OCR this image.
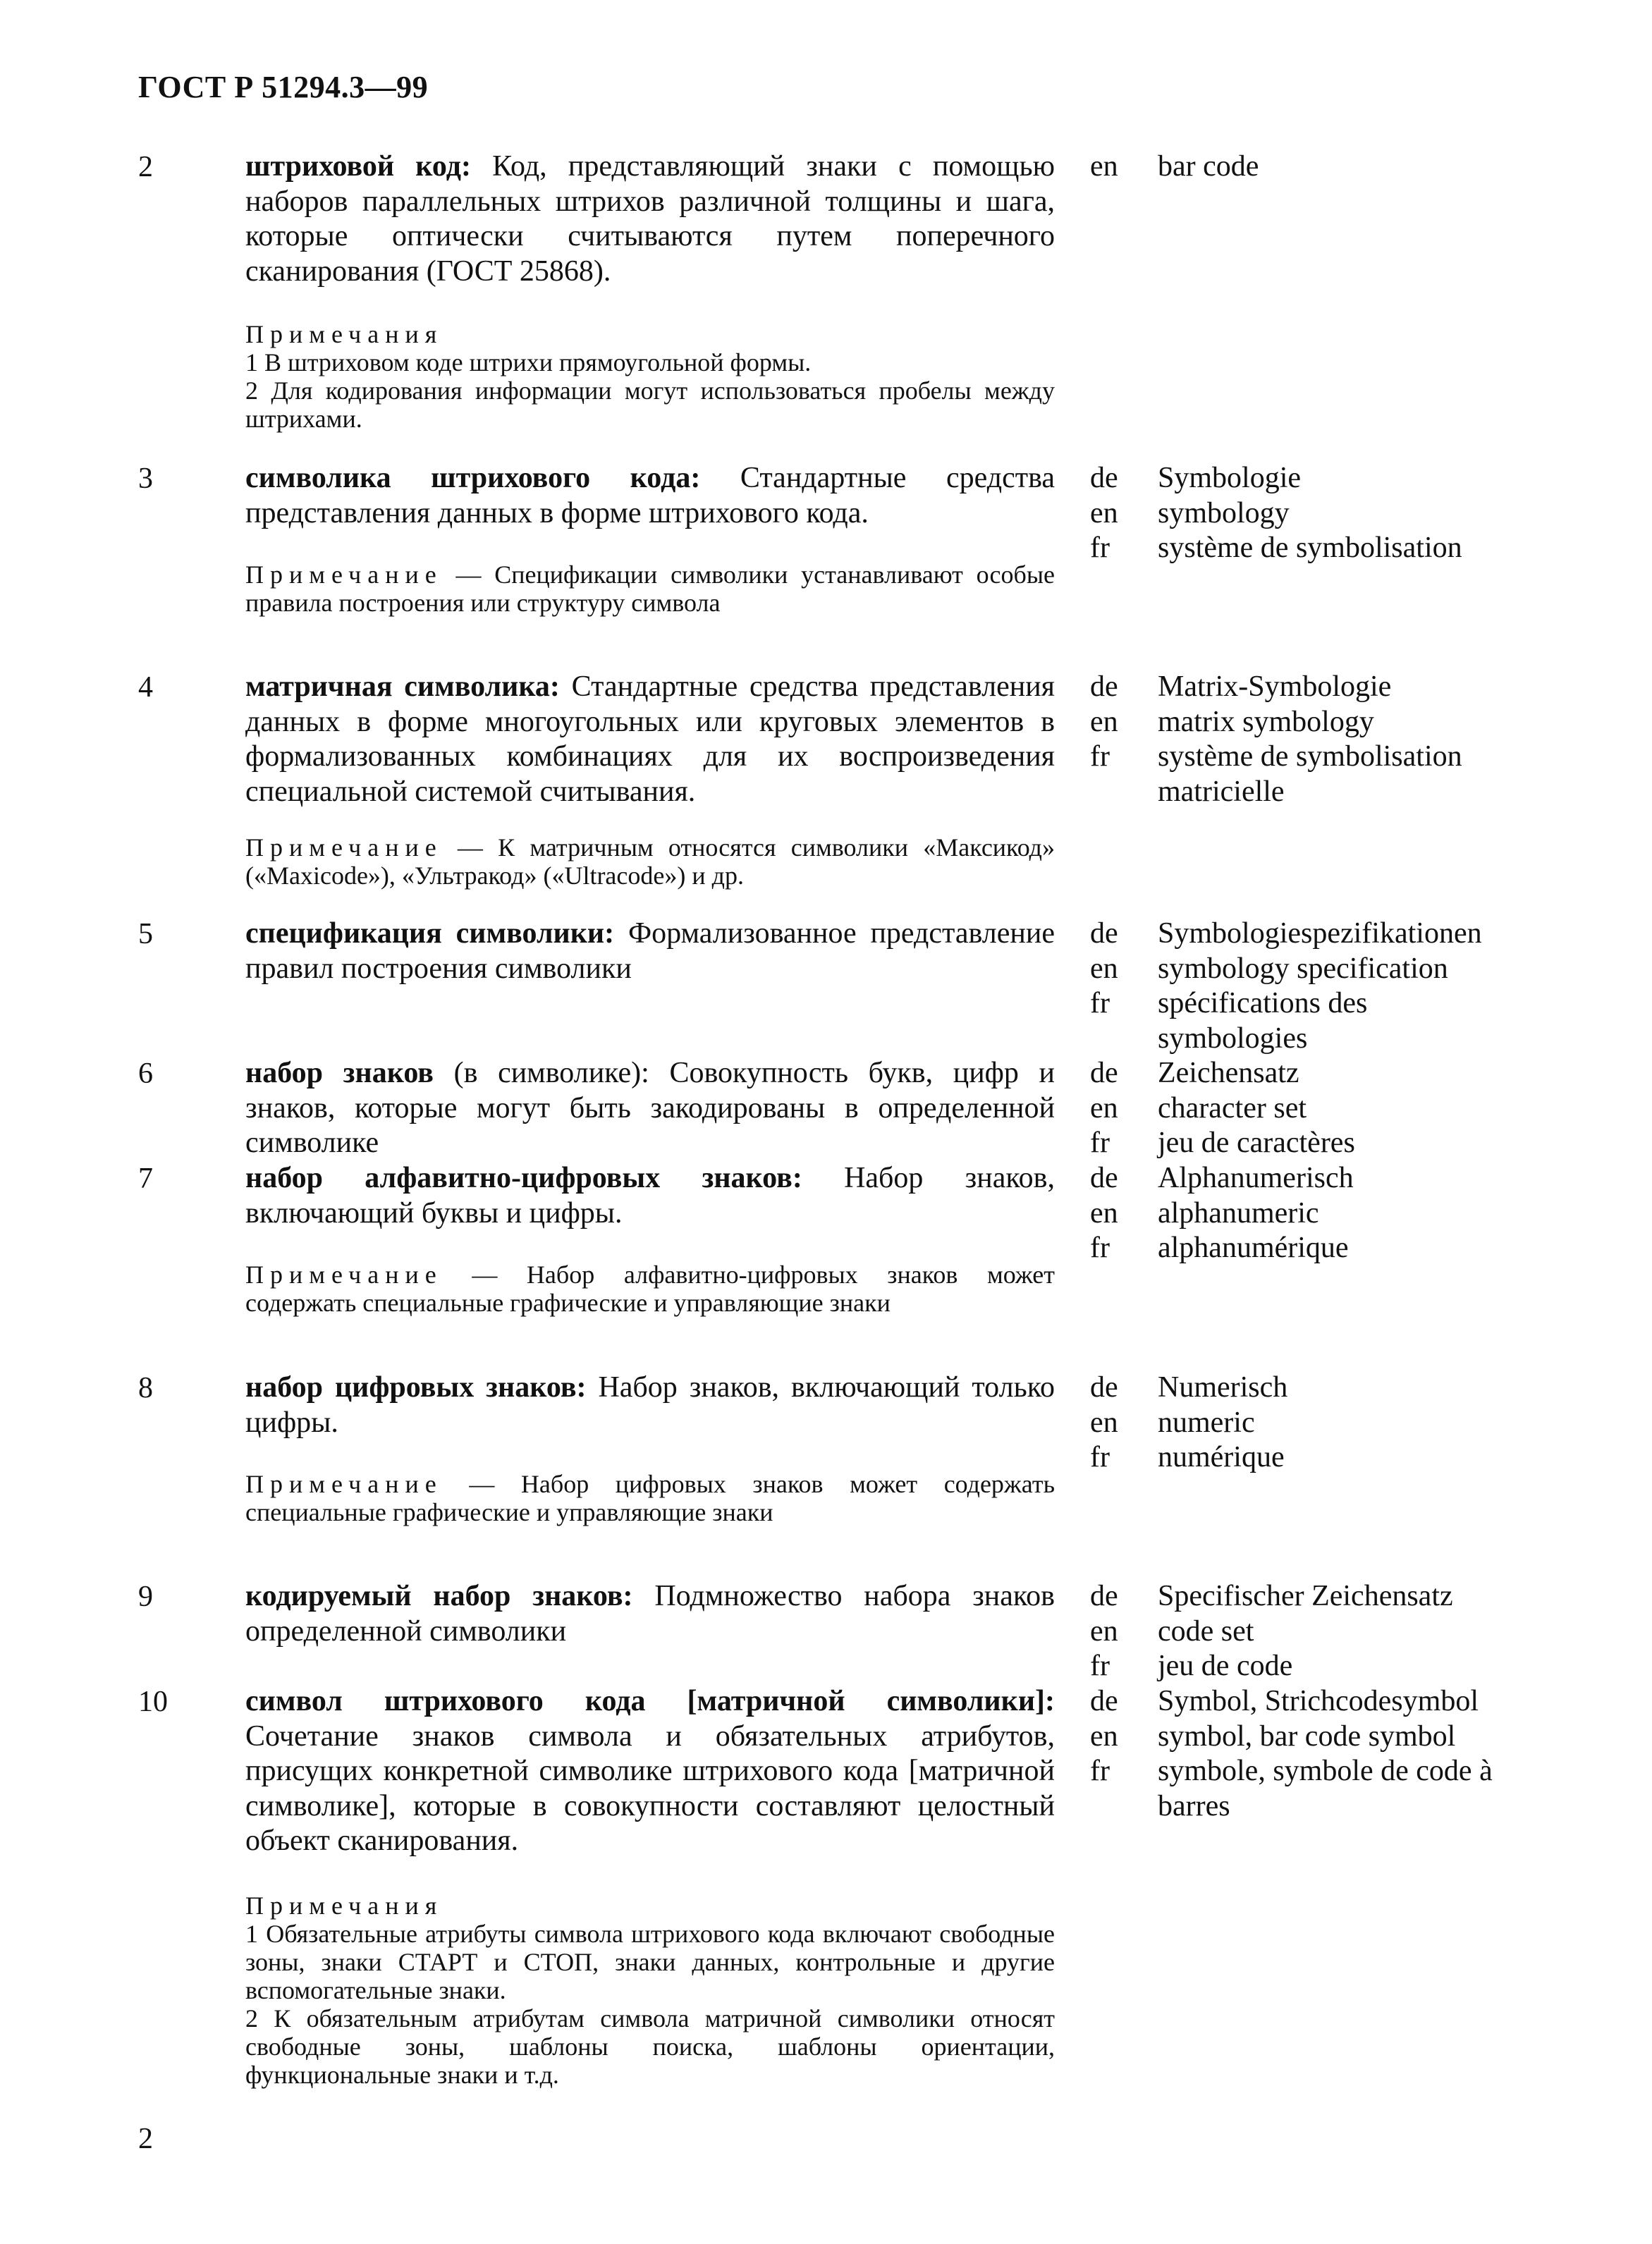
ГОСТ Р 51294.3—99
2	штриховой код: Код, представляющий знаки с помощью наборов параллельных штрихов различной толщины и шага, которые оптически считываются путем поперечного сканирования (ГОСТ 25868).
Примечания
1 В штриховом коде штрихи прямоугольной формы.
2 Для кодирования информации могут использоваться пробелы между штрихами.
en	bar code
3	символика штрихового кода: Стандартные средства представления данных в форме штрихового кода.
Примечание — Спецификации символики устанавливают особые правила построения или структуру символа
de	Symbologie
en	symbology
fr	système de symbolisation
4	матричная символика: Стандартные средства представления данных в форме многоугольных или круговых элементов в формализованных комбинациях для их воспроизведения специальной системой считывания.
Примечание — К матричным относятся символики «Максикод» («Maxicode»), «Ультракод» («Ultracode») и др.
de	Matrix-Symbologie
en	matrix symbology
fr	système de symbolisation matricielle
5	спецификация символики: Формализованное представление правил построения символики
de	Symbologiespezifikationen
en	symbology specification
fr	spécifications des symbologies
6	набор знаков (в символике): Совокупность букв, цифр и знаков, которые могут быть закодированы в определенной символике
de	Zeichensatz
en	character set
fr	jeu de caractères
7	набор алфавитно-цифровых знаков: Набор знаков, включающий буквы и цифры.
Примечание — Набор алфавитно-цифровых знаков может содержать специальные графические и управляющие знаки
de	Alphanumerisch
en	alphanumeric
fr	alphanumérique
8	набор цифровых знаков: Набор знаков, включающий только цифры.
Примечание — Набор цифровых знаков может содержать специальные графические и управляющие знаки
de	Numerisch
en	numeric
fr	numérique
9	кодируемый набор знаков: Подмножество набора знаков определенной символики
de	Specifischer Zeichensatz
en	code set
fr	jeu de code
10	символ штрихового кода [матричной символики]: Сочетание знаков символа и обязательных атрибутов, присущих конкретной символике штрихового кода [матричной символике], которые в совокупности составляют целостный объект сканирования.
Примечания
1 Обязательные атрибуты символа штрихового кода включают свободные зоны, знаки СТАРТ и СТОП, знаки данных, контрольные и другие вспомогательные знаки.
2 К обязательным атрибутам символа матричной символики относят свободные зоны, шаблоны поиска, шаблоны ориентации, функциональные знаки и т.д.
de	Symbol, Strichcodesymbol
en	symbol, bar code symbol
fr	symbole, symbole de code à barres
2
